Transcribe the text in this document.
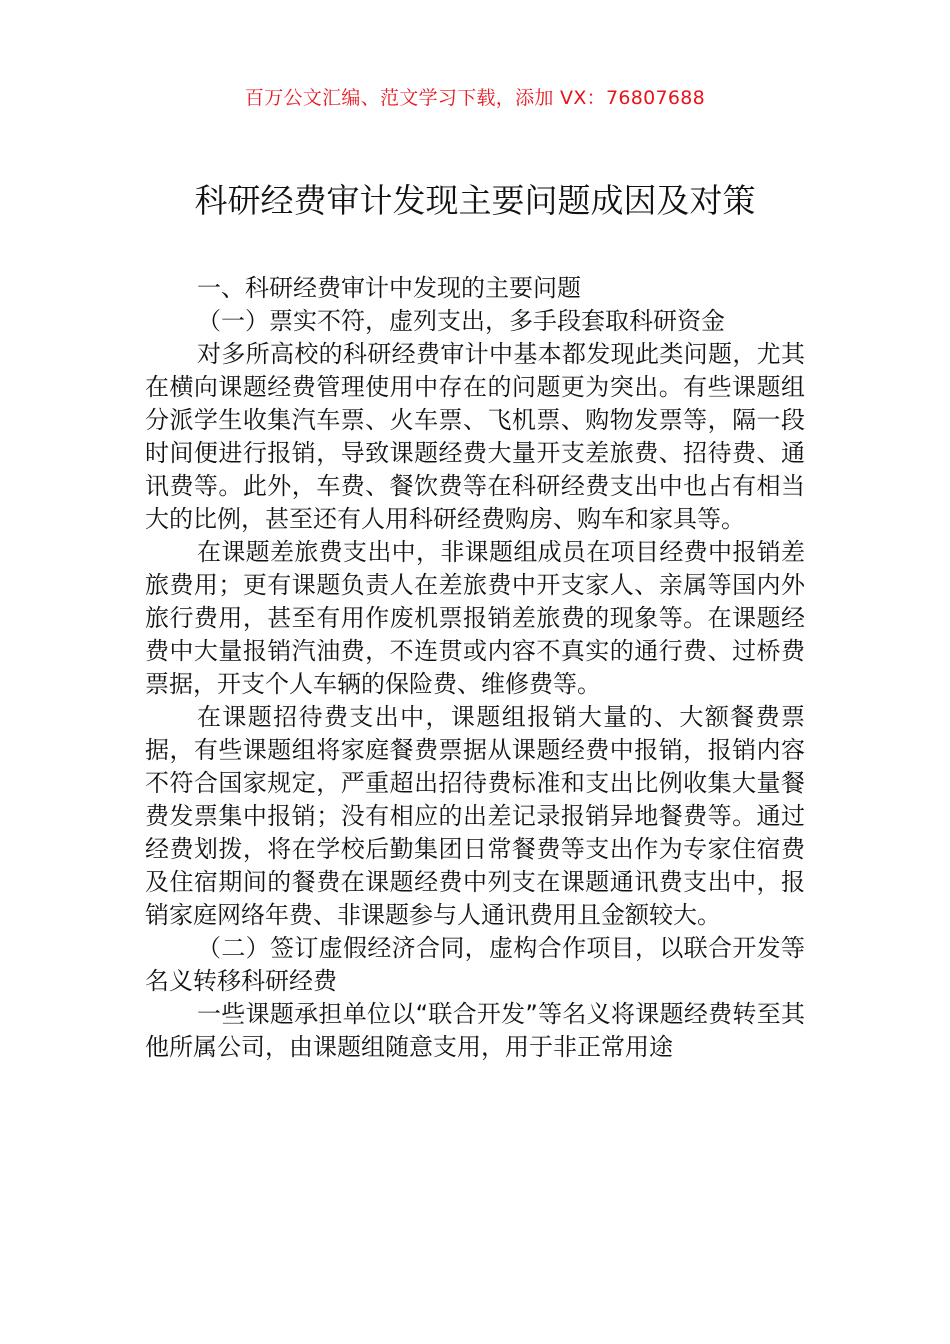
百万公文汇编、范文学习下载，添加 VX：76807688
科研经费审计发现主要问题成因及对策

一、科研经费审计中发现的主要问题

（一）票实不符，虚列支出，多手段套取科研资金

对多所高校的科研经费审计中基本都发现此类问题，尤其在横向课题经费管理使用中存在的问题更为突出。有些课题组分派学生收集汽车票、火车票、飞机票、购物发票等，隔一段时间便进行报销，导致课题经费大量开支差旅费、招待费、通讯费等。此外，车费、餐饮费等在科研经费支出中也占有相当大的比例，甚至还有人用科研经费购房、购车和家具等。

在课题差旅费支出中，非课题组成员在项目经费中报销差旅费用；更有课题负责人在差旅费中开支家人、亲属等国内外旅行费用，甚至有用作废机票报销差旅费的现象等。在课题经费中大量报销汽油费，不连贯或内容不真实的通行费、过桥费票据，开支个人车辆的保险费、维修费等。

在课题招待费支出中，课题组报销大量的、大额餐费票据，有些课题组将家庭餐费票据从课题经费中报销，报销内容不符合国家规定，严重超出招待费标准和支出比例收集大量餐费发票集中报销；没有相应的出差记录报销异地餐费等。通过经费划拨，将在学校后勤集团日常餐费等支出作为专家住宿费及住宿期间的餐费在课题经费中列支在课题通讯费支出中，报销家庭网络年费、非课题参与人通讯费用且金额较大。

（二）签订虚假经济合同，虚构合作项目，以联合开发等名义转移科研经费

一些课题承担单位以“联合开发”等名义将课题经费转至其他所属公司，由课题组随意支用，用于非正常用途
